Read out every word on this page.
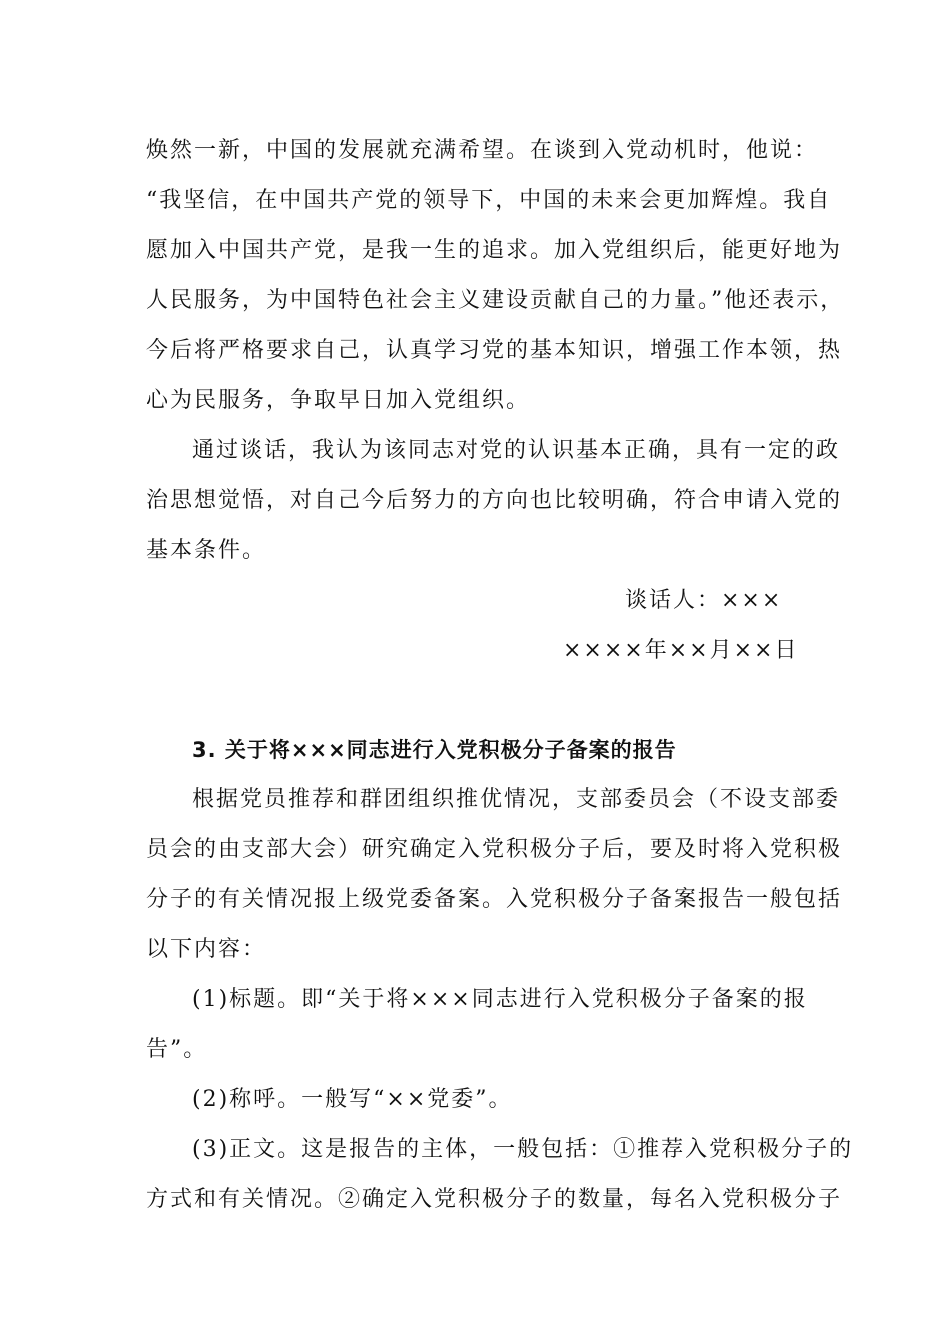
焕然一新，中国的发展就充满希望。在谈到入党动机时，他说：
“我坚信，在中国共产党的领导下，中国的未来会更加辉煌。我自
愿加入中国共产党，是我一生的追求。加入党组织后，能更好地为
人民服务，为中国特色社会主义建设贡献自己的力量。”他还表示，
今后将严格要求自己，认真学习党的基本知识，增强工作本领，热
心为民服务，争取早日加入党组织。
通过谈话，我认为该同志对党的认识基本正确，具有一定的政
治思想觉悟，对自己今后努力的方向也比较明确，符合申请入党的
基本条件。
谈话人：×××
××××年××月××日
3. 关于将×××同志进行入党积极分子备案的报告
根据党员推荐和群团组织推优情况，支部委员会（不设支部委
员会的由支部大会）研究确定入党积极分子后，要及时将入党积极
分子的有关情况报上级党委备案。入党积极分子备案报告一般包括
以下内容：
(1)标题。即“关于将×××同志进行入党积极分子备案的报
告”。
(2)称呼。一般写“××党委”。
(3)正文。这是报告的主体，一般包括：①推荐入党积极分子的
方式和有关情况。②确定入党积极分子的数量，每名入党积极分子
